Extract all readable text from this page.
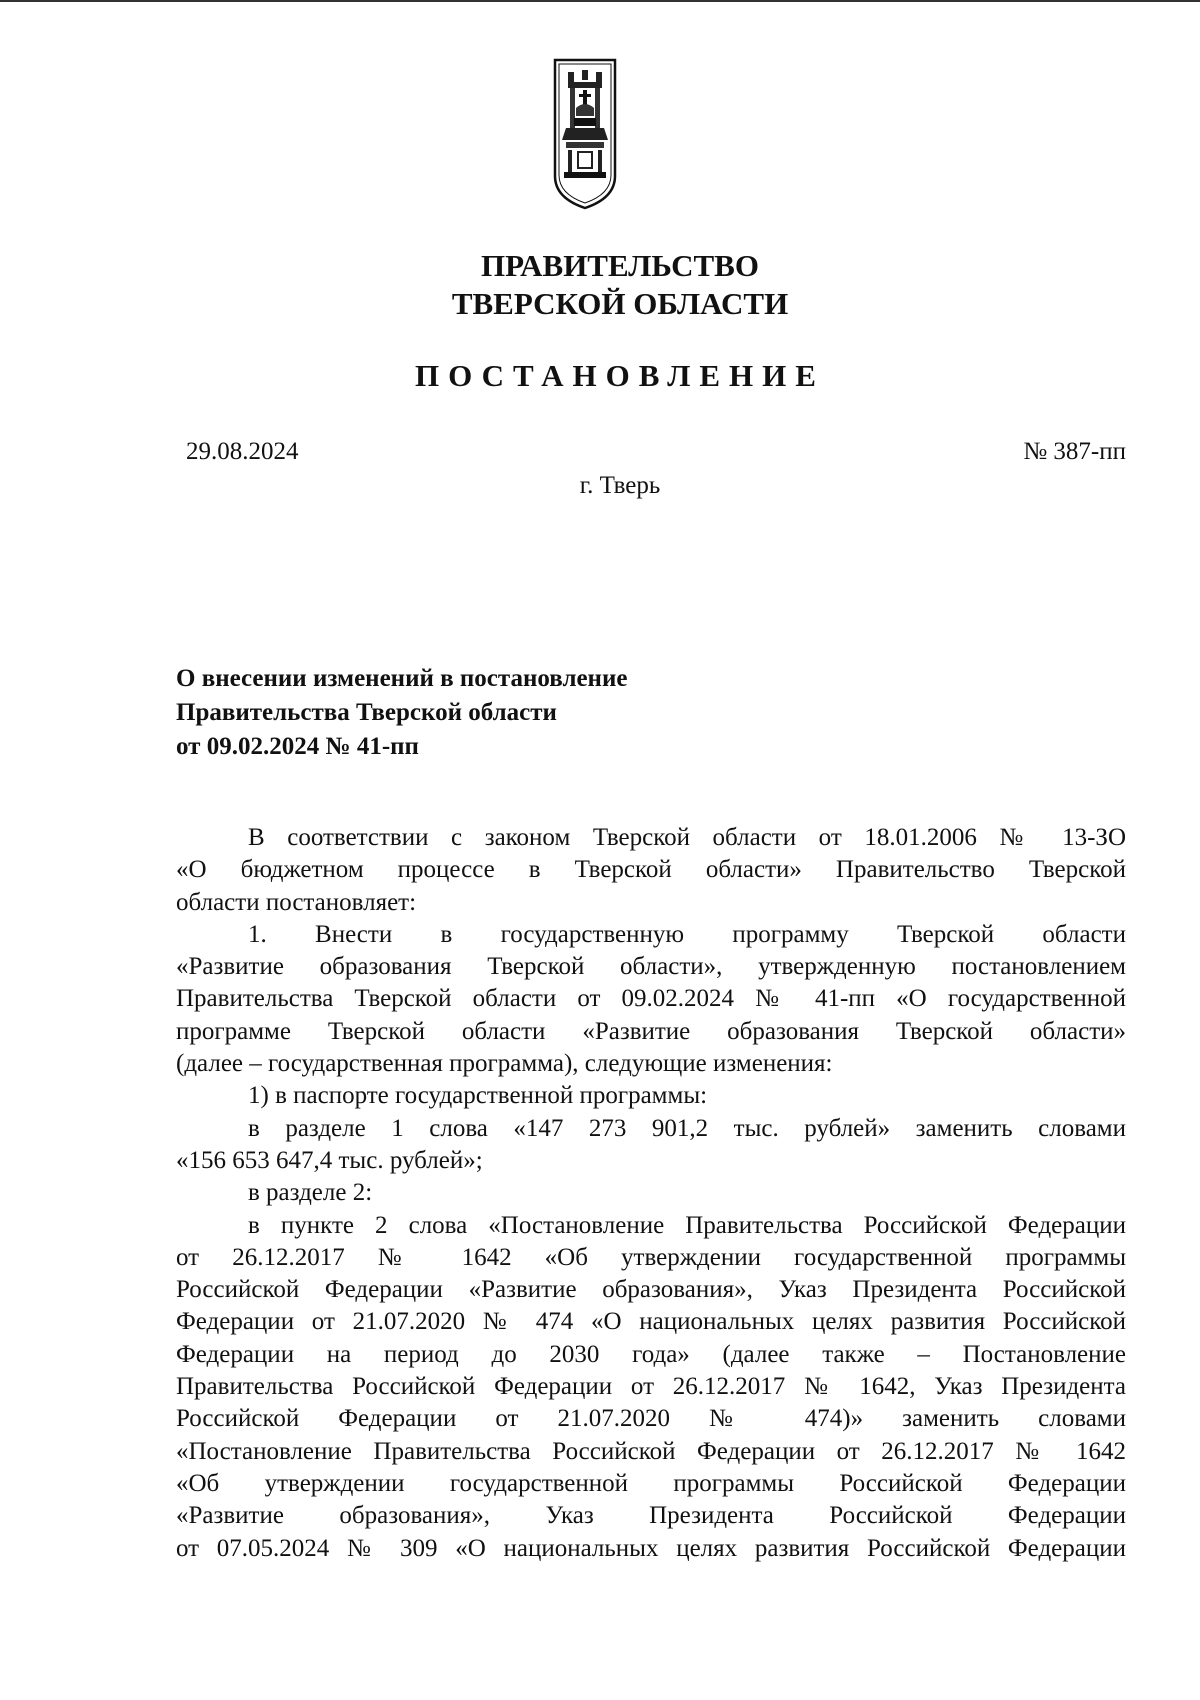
ПРАВИТЕЛЬСТВО
ТВЕРСКОЙ ОБЛАСТИ
ПОСТАНОВЛЕНИЕ
29.08.2024	№ 387-пп
г. Тверь
О внесении изменений в постановление
Правительства Тверской области
от 09.02.2024 № 41-пп
В соответствии с законом Тверской области от 18.01.2006 № 13-ЗО
«О бюджетном процессе в Тверской области» Правительство Тверской
области постановляет:
1. Внести в государственную программу Тверской области
«Развитие образования Тверской области», утвержденную постановлением
Правительства Тверской области от 09.02.2024 № 41-пп «О государственной
программе Тверской области «Развитие образования Тверской области»
(далее – государственная программа), следующие изменения:
1) в паспорте государственной программы:
в разделе 1 слова «147 273 901,2 тыс. рублей» заменить словами
«156 653 647,4 тыс. рублей»;
в разделе 2:
в пункте 2 слова «Постановление Правительства Российской Федерации
от 26.12.2017 № 1642 «Об утверждении государственной программы
Российской Федерации «Развитие образования», Указ Президента Российской
Федерации от 21.07.2020 № 474 «О национальных целях развития Российской
Федерации на период до 2030 года» (далее также – Постановление
Правительства Российской Федерации от 26.12.2017 № 1642, Указ Президента
Российской Федерации от 21.07.2020 № 474)» заменить словами
«Постановление Правительства Российской Федерации от 26.12.2017 № 1642
«Об утверждении государственной программы Российской Федерации
«Развитие образования», Указ Президента Российской Федерации
от 07.05.2024 № 309 «О национальных целях развития Российской Федерации
